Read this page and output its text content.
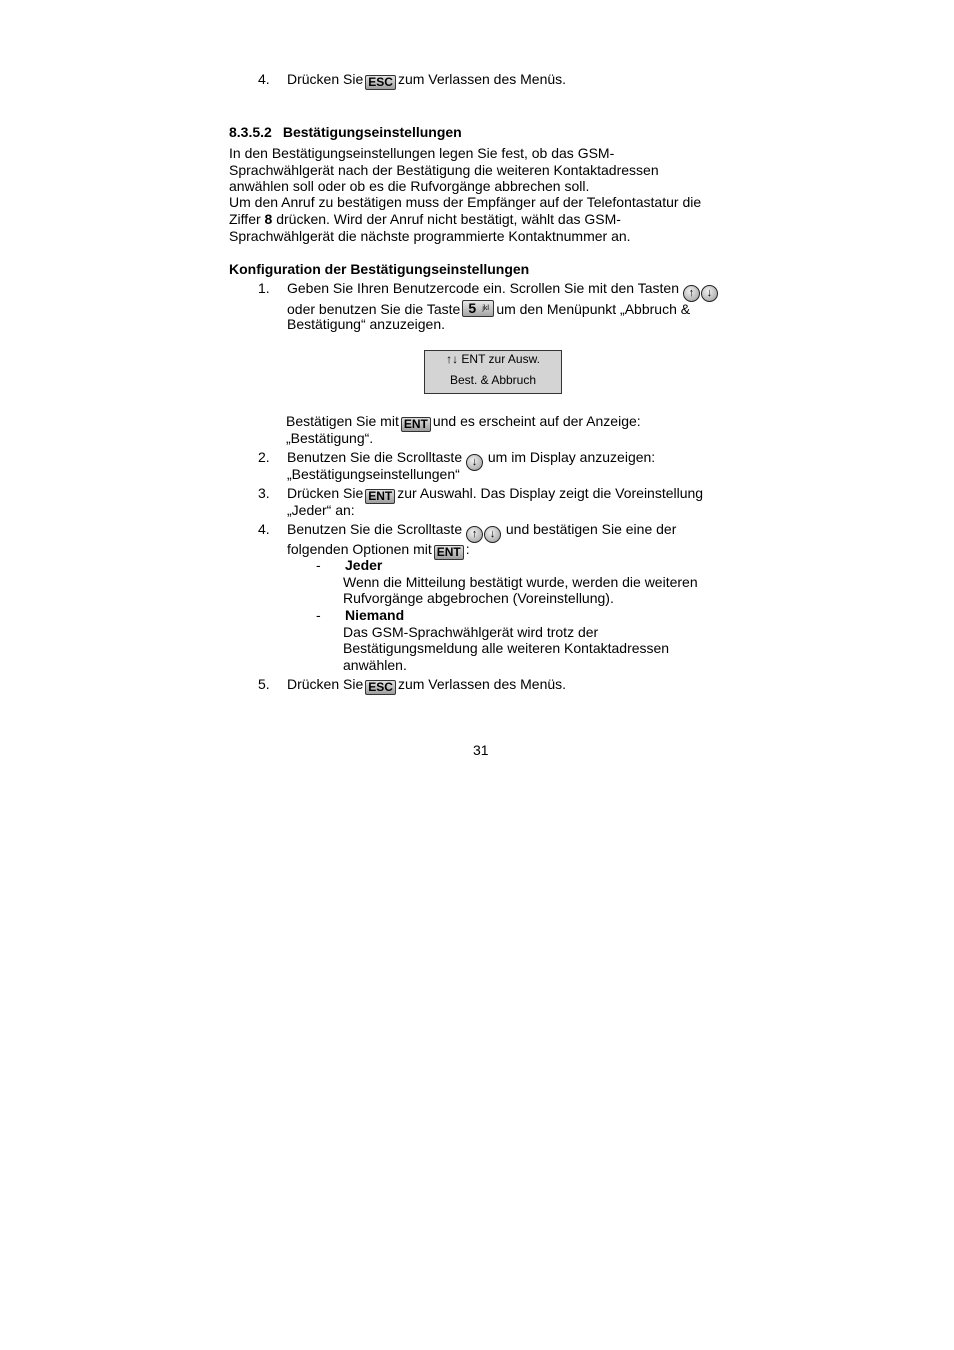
4.	Drücken Sie ESC zum Verlassen des Menüs.
8.3.5.2 Bestätigungseinstellungen
In den Bestätigungseinstellungen legen Sie fest, ob das GSM-
Sprachwählgerät nach der Bestätigung die weiteren Kontaktadressen
anwählen soll oder ob es die Rufvorgänge abbrechen soll.
Um den Anruf zu bestätigen muss der Empfänger auf der Telefontastatur die
Ziffer 8 drücken. Wird der Anruf nicht bestätigt, wählt das GSM-
Sprachwählgerät die nächste programmierte Kontaktnummer an.
Konfiguration der Bestätigungseinstellungen
1.	Geben Sie Ihren Benutzercode ein. Scrollen Sie mit den Tasten ↑ ↓
oder benutzen Sie die Taste 5 jkl um den Menüpunkt „Abbruch &
Bestätigung“ anzuzeigen.
↑↓ ENT zur Ausw.
Best. & Abbruch
Bestätigen Sie mit ENT und es erscheint auf der Anzeige:
„Bestätigung“.
2.	Benutzen Sie die Scrolltaste ↓ um im Display anzuzeigen:
„Bestätigungseinstellungen“
3.	Drücken Sie ENT zur Auswahl. Das Display zeigt die Voreinstellung
„Jeder“ an:
4.	Benutzen Sie die Scrolltaste ↑ ↓ und bestätigen Sie eine der
folgenden Optionen mit ENT :
- Jeder
Wenn die Mitteilung bestätigt wurde, werden die weiteren
Rufvorgänge abgebrochen (Voreinstellung).
- Niemand
Das GSM-Sprachwählgerät wird trotz der
Bestätigungsmeldung alle weiteren Kontaktadressen
anwählen.
5.	Drücken Sie ESC zum Verlassen des Menüs.
31
